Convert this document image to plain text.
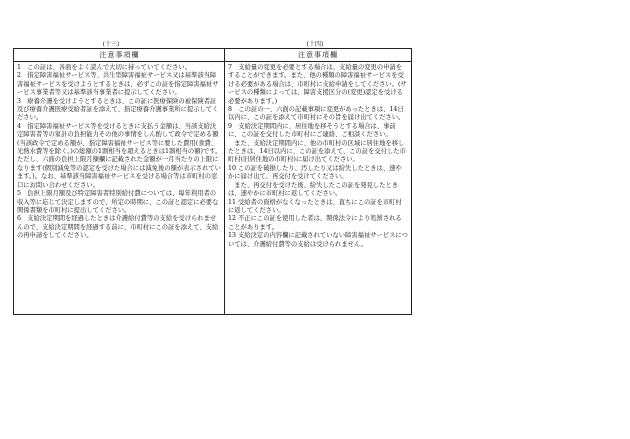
(十三)
注意事項欄

1　この証は、各面をよく読んで大切に持っていてください。

2　指定障害福祉サービス等、共生型障害福祉サービス又は基準該当障害福祉サービスを受けようとするときは、必ずこの証を指定障害福祉サービス事業者等又は基準該当事業者に提示してください。

3　療養介護を受けようとするときは、この証に医療保険の被保険者証及び療養介護医療受給者証を添えて、指定療養介護事業所に提示してください。

4　指定障害福祉サービス等を受けるときに支払う金額は、当該支給決定障害者等の家計の負担能力その他の事情をしん酌して政令で定める額(当該政令で定める額が、指定障害福祉サービス等に要した費用(食費、光熱水費等を除く。)の総額の1割相当を超えるときは1割相当の額)です。ただし、六面の負担上限月額欄に記載された金額が一月当たりの上限になります(個別減免等の認定を受けた場合には減免後の額が表示されています。)。なお、基準該当障害福祉サービスを受ける場合等は市町村の窓口にお問い合わせください。

5　負担上限月額及び特定障害者特別給付費については、毎年利用者の収入等に応じて決定しますので、所定の時期に、この証と認定に必要な関係書類を市町村に提出してください。

6　支給決定期間を経過したときは介護給付費等の支給を受けられませんので、支給決定期間を経過する前に、市町村にこの証を添えて、支給の再申請をしてください。

(十四)
注意事項欄

7　支給量の変更を必要とする場合は、支給量の変更の申請をすることができます。また、他の種類の障害福祉サービスを受ける必要がある場合は、市町村に支給申請をしてください。(サービスの種類によっては、障害支援区分の(変更)認定を受ける必要があります。)

8　この証の一、六面の記載事項に変更があったときは、14日以内に、この証を添えて市町村にその旨を届け出てください。

9　支給決定期間内に、居住地を移そうとする場合は、事前に、この証を交付した市町村にご連絡、ご相談ください。

　また、支給決定期間内に、他の市町村の区域に居住地を移したときは、14日以内に、この証を添えて、この証を交付した市町村(旧居住地の市町村)に届け出てください。

10 この証を破損したり、汚したり又は紛失したときは、速やかに届け出て、再交付を受けてください。

　また、再交付を受けた後、紛失したこの証を発見したときは、速やかに市町村に返してください。

11 受給者の資格がなくなったときは、直ちにこの証を市町村に返してください。

12 不正にこの証を使用した者は、関係法令により処罰されることがあります。

13 支給決定の内容欄に記載されていない障害福祉サービスについては、介護給付費等の支給は受けられません。
